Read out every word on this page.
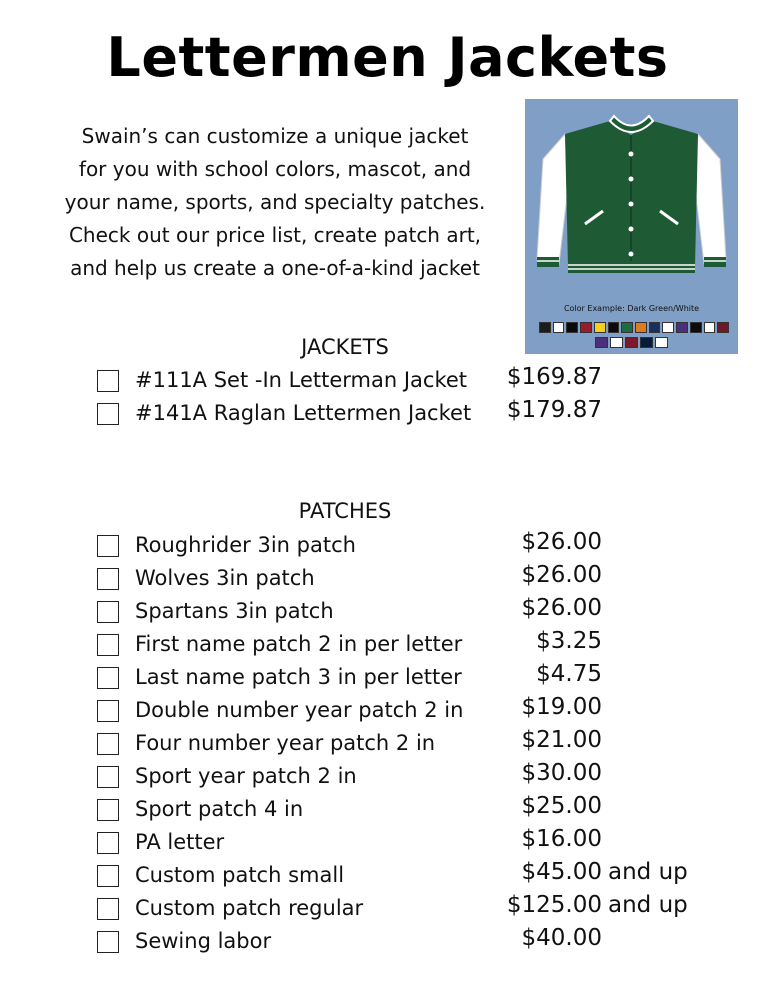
Lettermen Jackets
Swain’s can customize a unique jacket
for you with school colors, mascot, and
your name, sports, and specialty patches.
Check out our price list, create patch art,
and help us create a one-of-a-kind jacket
Color Example: Dark Green/White
JACKETS
#111A Set -In Letterman Jacket $169.87
#141A Raglan Lettermen Jacket $179.87
PATCHES
Roughrider 3in patch	$26.00
Wolves 3in patch	$26.00
Spartans 3in patch	$26.00
First name patch 2 in per letter	$3.25
Last name patch 3 in per letter	$4.75
Double number year patch 2 in	$19.00
Four number year patch 2 in	$21.00
Sport year patch 2 in	$30.00
Sport patch 4 in	$25.00
PA letter	$16.00
Custom patch small	$45.00 and up
Custom patch regular	$125.00 and up
Sewing labor	$40.00
